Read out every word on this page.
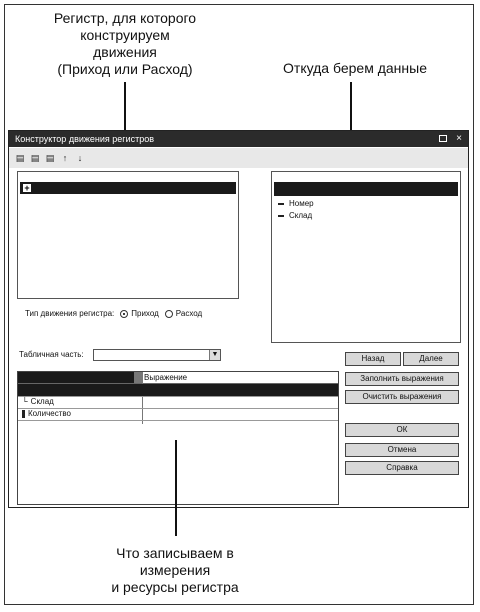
Регистр, для которого
конструируем
движения
(Приход или Расход)	Откуда берем данные
Конструктор движения регистров	×
▤ ▤ ▤ ↑	↓
+
Номер
Склад
Тип движения регистра: Приход Расход
Табличная часть:	▼	Назад	Далее
Заполнить выражения
Очистить выражения
ОК
Отмена
Справка
Выражение
└ Склад
Количество
Что записываем в
измерения
и ресурсы регистра
